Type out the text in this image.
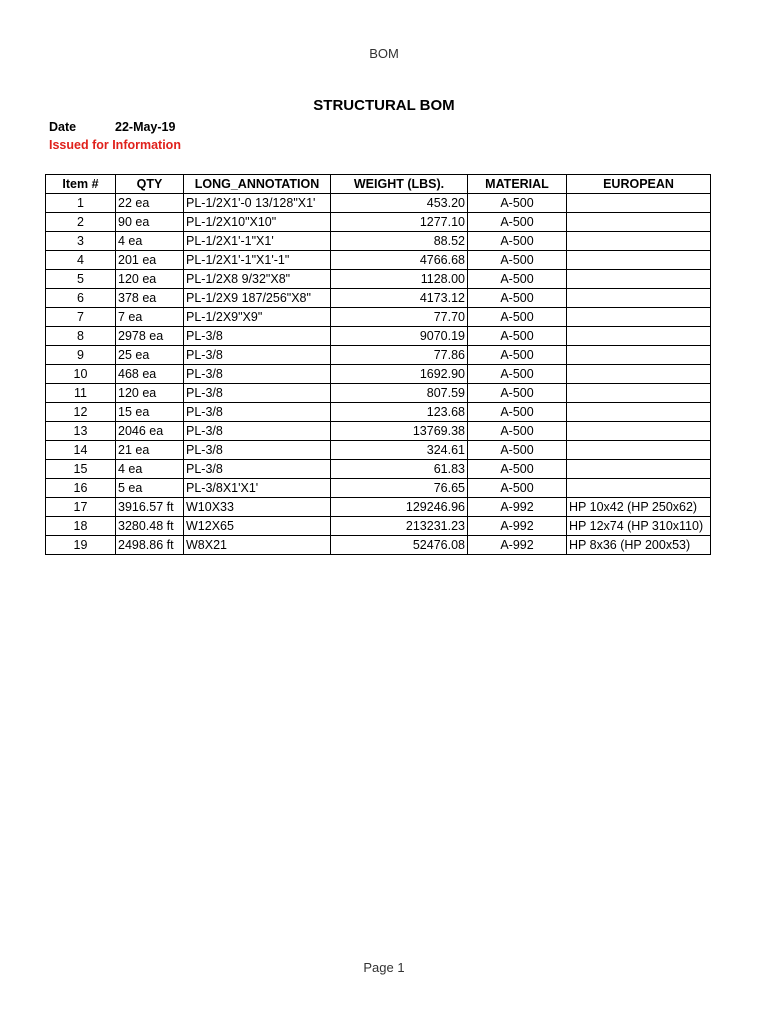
BOM
STRUCTURAL BOM
Date	22-May-19
Issued for Information
Item #	QTY	LONG_ANNOTATION	WEIGHT (LBS).	MATERIAL	EUROPEAN
1	22 ea	PL-1/2X1'-0 13/128"X1'	453.20	A-500	
2	90 ea	PL-1/2X10"X10"	1277.10	A-500	
3	4 ea	PL-1/2X1'-1"X1'	88.52	A-500	
4	201 ea	PL-1/2X1'-1"X1'-1"	4766.68	A-500	
5	120 ea	PL-1/2X8 9/32"X8"	1128.00	A-500	
6	378 ea	PL-1/2X9 187/256"X8"	4173.12	A-500	
7	7 ea	PL-1/2X9"X9"	77.70	A-500	
8	2978 ea	PL-3/8	9070.19	A-500	
9	25 ea	PL-3/8	77.86	A-500	
10	468 ea	PL-3/8	1692.90	A-500	
11	120 ea	PL-3/8	807.59	A-500	
12	15 ea	PL-3/8	123.68	A-500	
13	2046 ea	PL-3/8	13769.38	A-500	
14	21 ea	PL-3/8	324.61	A-500	
15	4 ea	PL-3/8	61.83	A-500	
16	5 ea	PL-3/8X1'X1'	76.65	A-500	
17	3916.57 ft	W10X33	129246.96	A-992	HP 10x42 (HP 250x62)
18	3280.48 ft	W12X65	213231.23	A-992	HP 12x74 (HP 310x110)
19	2498.86 ft	W8X21	52476.08	A-992	HP 8x36 (HP 200x53)
Page 1
